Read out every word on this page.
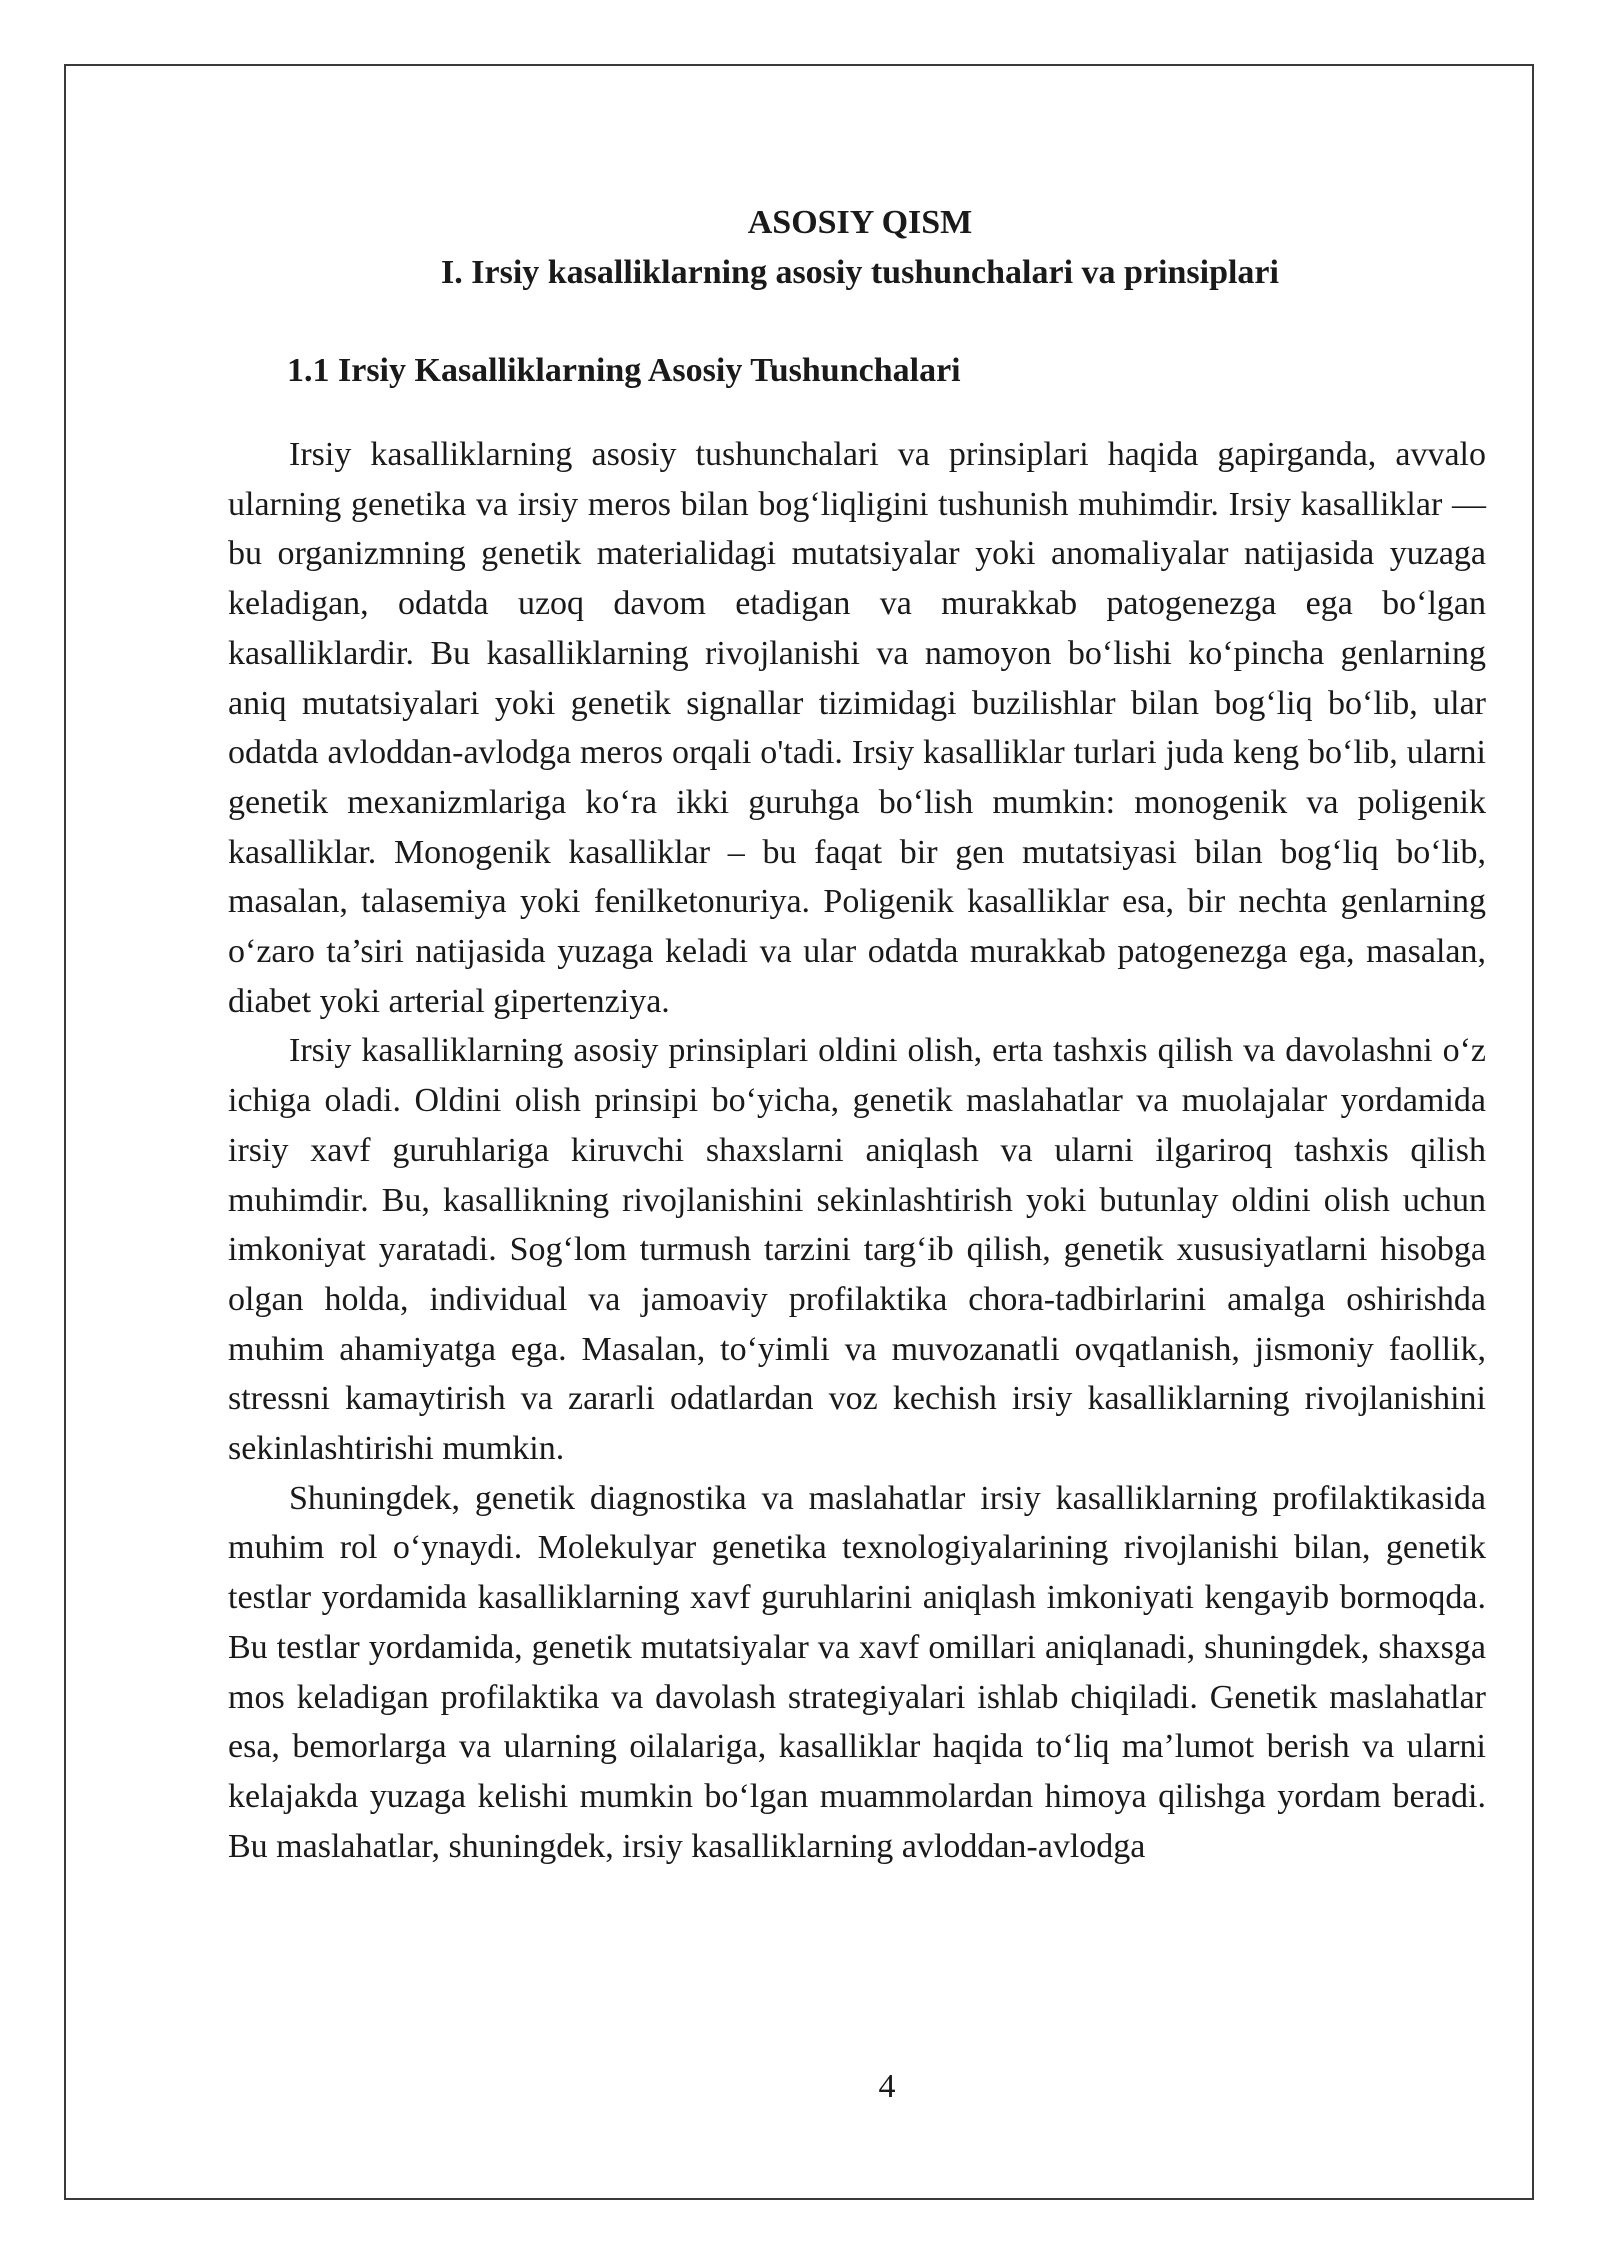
ASOSIY QISM
I. Irsiy kasalliklarning asosiy tushunchalari va prinsiplari
1.1 Irsiy Kasalliklarning Asosiy Tushunchalari

Irsiy kasalliklarning asosiy tushunchalari va prinsiplari haqida gapirganda, avvalo ularning genetika va irsiy meros bilan bog‘liqligini tushunish muhimdir. Irsiy kasalliklar — bu organizmning genetik materialidagi mutatsiyalar yoki anomaliyalar natijasida yuzaga keladigan, odatda uzoq davom etadigan va murakkab patogenezga ega bo‘lgan kasalliklardir. Bu kasalliklarning rivojlanishi va namoyon bo‘lishi ko‘pincha genlarning aniq mutatsiyalari yoki genetik signallar tizimidagi buzilishlar bilan bog‘liq bo‘lib, ular odatda avloddan-avlodga meros orqali o'tadi. Irsiy kasalliklar turlari juda keng bo‘lib, ularni genetik mexanizmlariga ko‘ra ikki guruhga bo‘lish mumkin: monogenik va poligenik kasalliklar. Monogenik kasalliklar – bu faqat bir gen mutatsiyasi bilan bog‘liq bo‘lib, masalan, talasemiya yoki fenilketonuriya. Poligenik kasalliklar esa, bir nechta genlarning o‘zaro ta’siri natijasida yuzaga keladi va ular odatda murakkab patogenezga ega, masalan, diabet yoki arterial gipertenziya.

Irsiy kasalliklarning asosiy prinsiplari oldini olish, erta tashxis qilish va davolashni o‘z ichiga oladi. Oldini olish prinsipi bo‘yicha, genetik maslahatlar va muolajalar yordamida irsiy xavf guruhlariga kiruvchi shaxslarni aniqlash va ularni ilgariroq tashxis qilish muhimdir. Bu, kasallikning rivojlanishini sekinlashtirish yoki butunlay oldini olish uchun imkoniyat yaratadi. Sog‘lom turmush tarzini targ‘ib qilish, genetik xususiyatlarni hisobga olgan holda, individual va jamoaviy profilaktika chora-tadbirlarini amalga oshirishda muhim ahamiyatga ega. Masalan, to‘yimli va muvozanatli ovqatlanish, jismoniy faollik, stressni kamaytirish va zararli odatlardan voz kechish irsiy kasalliklarning rivojlanishini sekinlashtirishi mumkin.

Shuningdek, genetik diagnostika va maslahatlar irsiy kasalliklarning profilaktikasida muhim rol o‘ynaydi. Molekulyar genetika texnologiyalarining rivojlanishi bilan, genetik testlar yordamida kasalliklarning xavf guruhlarini aniqlash imkoniyati kengayib bormoqda. Bu testlar yordamida, genetik mutatsiyalar va xavf omillari aniqlanadi, shuningdek, shaxsga mos keladigan profilaktika va davolash strategiyalari ishlab chiqiladi. Genetik maslahatlar esa, bemorlarga va ularning oilalariga, kasalliklar haqida to‘liq ma’lumot berish va ularni kelajakda yuzaga kelishi mumkin bo‘lgan muammolardan himoya qilishga yordam beradi. Bu maslahatlar, shuningdek, irsiy kasalliklarning avloddan-avlodga

4
